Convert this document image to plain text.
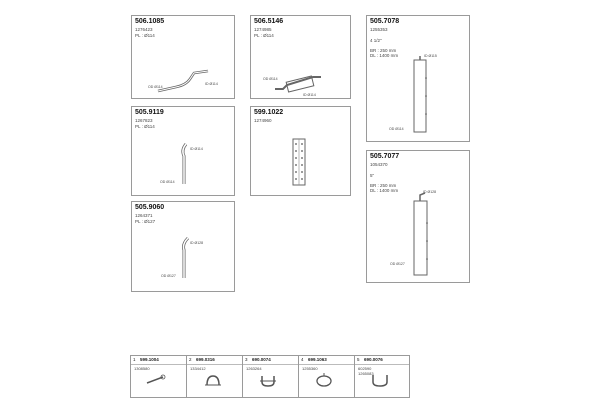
506.1085
1276423
PL : Ø114
OD Ø114
ID Ø114
506.5146
1274985
PL : Ø114
OD Ø114
ID Ø114
505.7078
1255353
4 1/2"
BR : 250 mm
DL : 1400 mm	ID Ø115
OD Ø114
505.9119
1267823
PL : Ø114
ID Ø114
OD Ø114
599.1022
1274960
505.7077
1054370
5"
BR : 250 mm
DL : 1400 mm	ID Ø128
OD Ø127
505.9060
1264371
PL : Ø127
ID Ø128
OD Ø127
1 599.1004
1308580
2 699.0316
1334412
3 690.0074
1263264
4 699.1063
1255360
5 690.0076
602590 1265083
